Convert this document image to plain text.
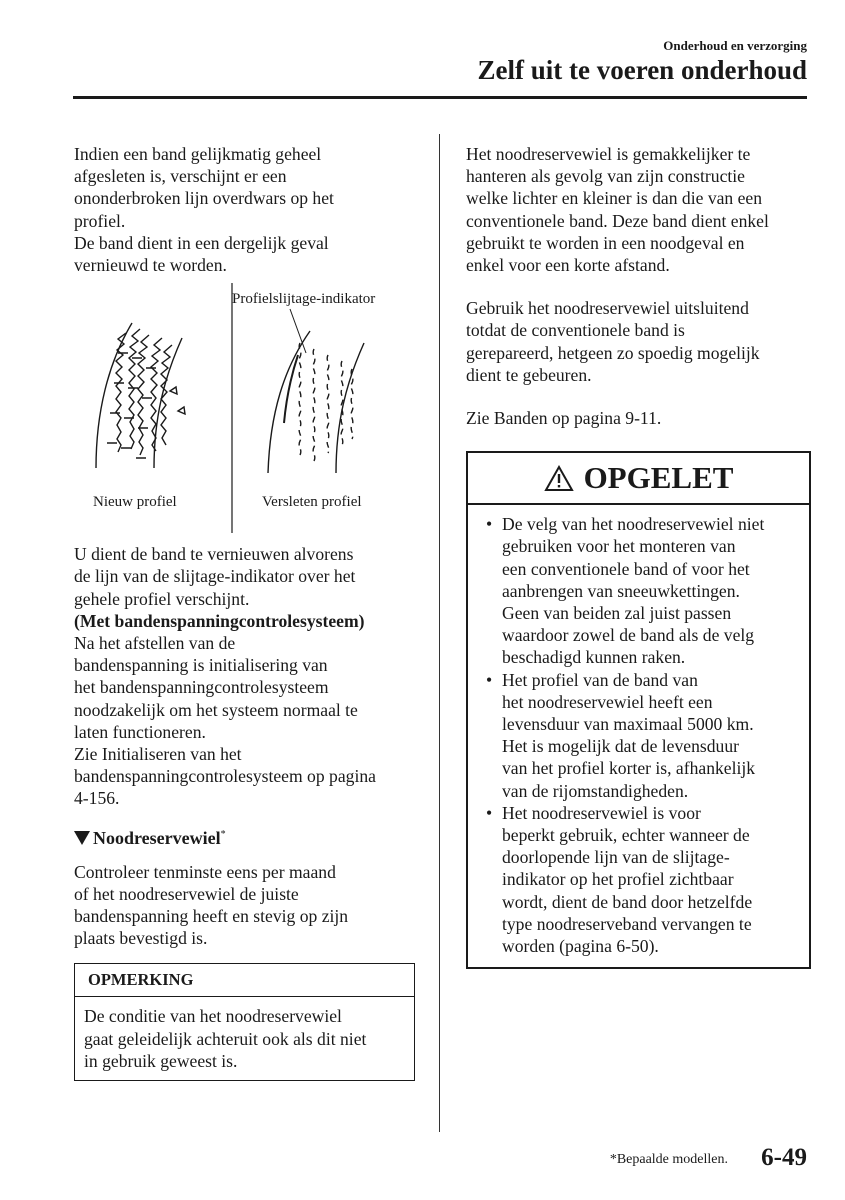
Onderhoud en verzorging
Zelf uit te voeren onderhoud
Indien een band gelijkmatig geheel
afgesleten is, verschijnt er een
ononderbroken lijn overdwars op het
profiel.
De band dient in een dergelijk geval
vernieuwd te worden.
U dient de band te vernieuwen alvorens
de lijn van de slijtage-indikator over het
gehele profiel verschijnt.
(Met bandenspanningcontrolesysteem)
Na het afstellen van de
bandenspanning is initialisering van
het bandenspanningcontrolesysteem
noodzakelijk om het systeem normaal te
laten functioneren.
Zie Initialiseren van het
bandenspanningcontrolesysteem op pagina
4-156.
Noodreservewiel*
Controleer tenminste eens per maand
of het noodreservewiel de juiste
bandenspanning heeft en stevig op zijn
plaats bevestigd is.
OPMERKING
De conditie van het noodreservewiel
gaat geleidelijk achteruit ook als dit niet
in gebruik geweest is.
Profielslijtage-indikator
Nieuw profiel	Versleten profiel
Het noodreservewiel is gemakkelijker te
hanteren als gevolg van zijn constructie
welke lichter en kleiner is dan die van een
conventionele band. Deze band dient enkel
gebruikt te worden in een noodgeval en
enkel voor een korte afstand.
Gebruik het noodreservewiel uitsluitend
totdat de conventionele band is
gerepareerd, hetgeen zo spoedig mogelijk
dient te gebeuren.
Zie Banden op pagina 9-11.
OPGELET
• De velg van het noodreservewiel niet
gebruiken voor het monteren van
een conventionele band of voor het
aanbrengen van sneeuwkettingen.
Geen van beiden zal juist passen
waardoor zowel de band als de velg
beschadigd kunnen raken.
• Het profiel van de band van
het noodreservewiel heeft een
levensduur van maximaal 5000 km.
Het is mogelijk dat de levensduur
van het profiel korter is, afhankelijk
van de rijomstandigheden.
• Het noodreservewiel is voor
beperkt gebruik, echter wanneer de
doorlopende lijn van de slijtage-
indikator op het profiel zichtbaar
wordt, dient de band door hetzelfde
type noodreserveband vervangen te
worden (pagina 6-50).
*Bepaalde modellen. 6-49
